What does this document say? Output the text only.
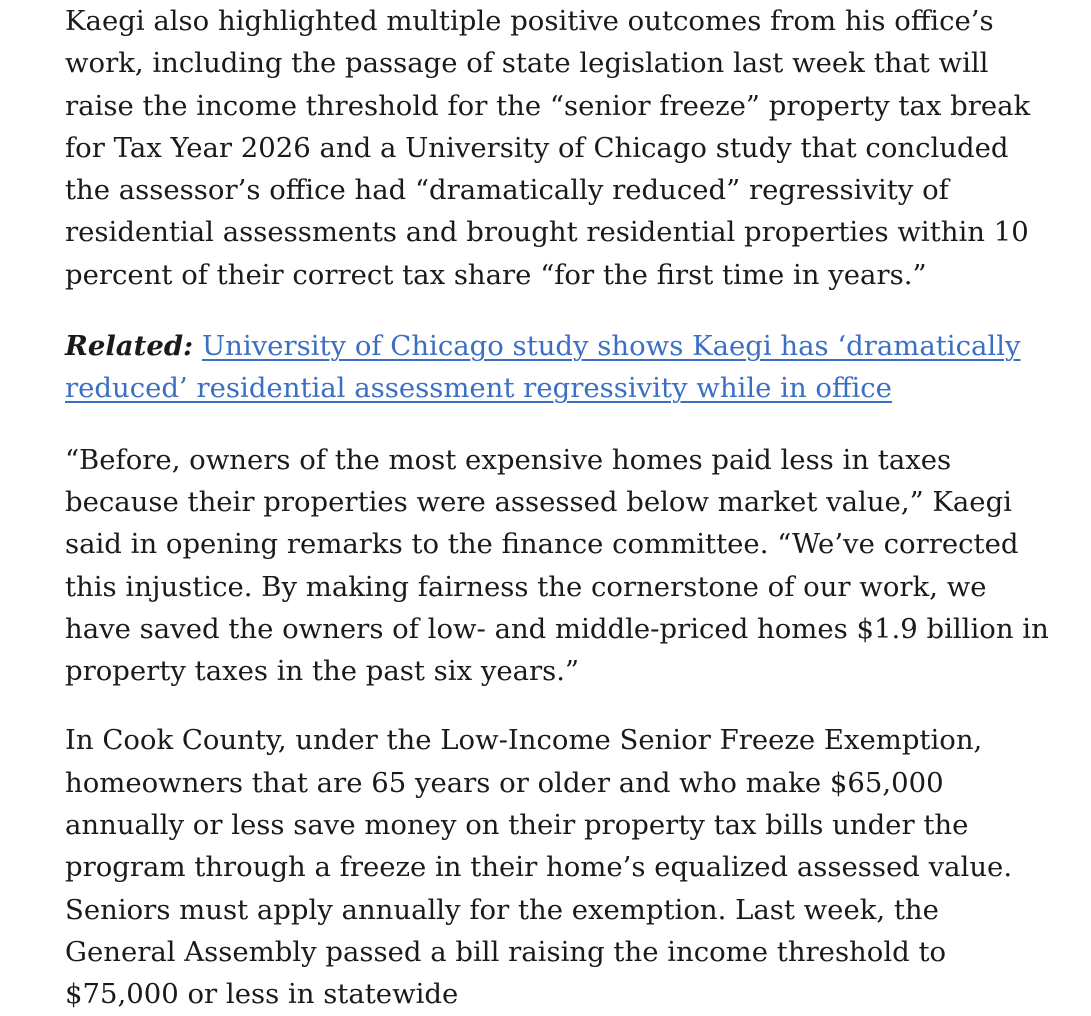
Kaegi also highlighted multiple positive outcomes from his office’s work, including the passage of state legislation last week that will raise the income threshold for the “senior freeze” property tax break for Tax Year 2026 and a University of Chicago study that concluded the assessor’s office had “dramatically reduced” regressivity of residential assessments and brought residential properties within 10 percent of their correct tax share “for the first time in years.”

Related: University of Chicago study shows Kaegi has ‘dramatically reduced’ residential assessment regressivity while in office

“Before, owners of the most expensive homes paid less in taxes because their properties were assessed below market value,” Kaegi said in opening remarks to the finance committee. “We’ve corrected this injustice. By making fairness the cornerstone of our work, we have saved the owners of low- and middle-priced homes $1.9 billion in property taxes in the past six years.”

In Cook County, under the Low-Income Senior Freeze Exemption, homeowners that are 65 years or older and who make $65,000 annually or less save money on their property tax bills under the program through a freeze in their home’s equalized assessed value. Seniors must apply annually for the exemption. Last week, the General Assembly passed a bill raising the income threshold to $75,000 or less in statewide
